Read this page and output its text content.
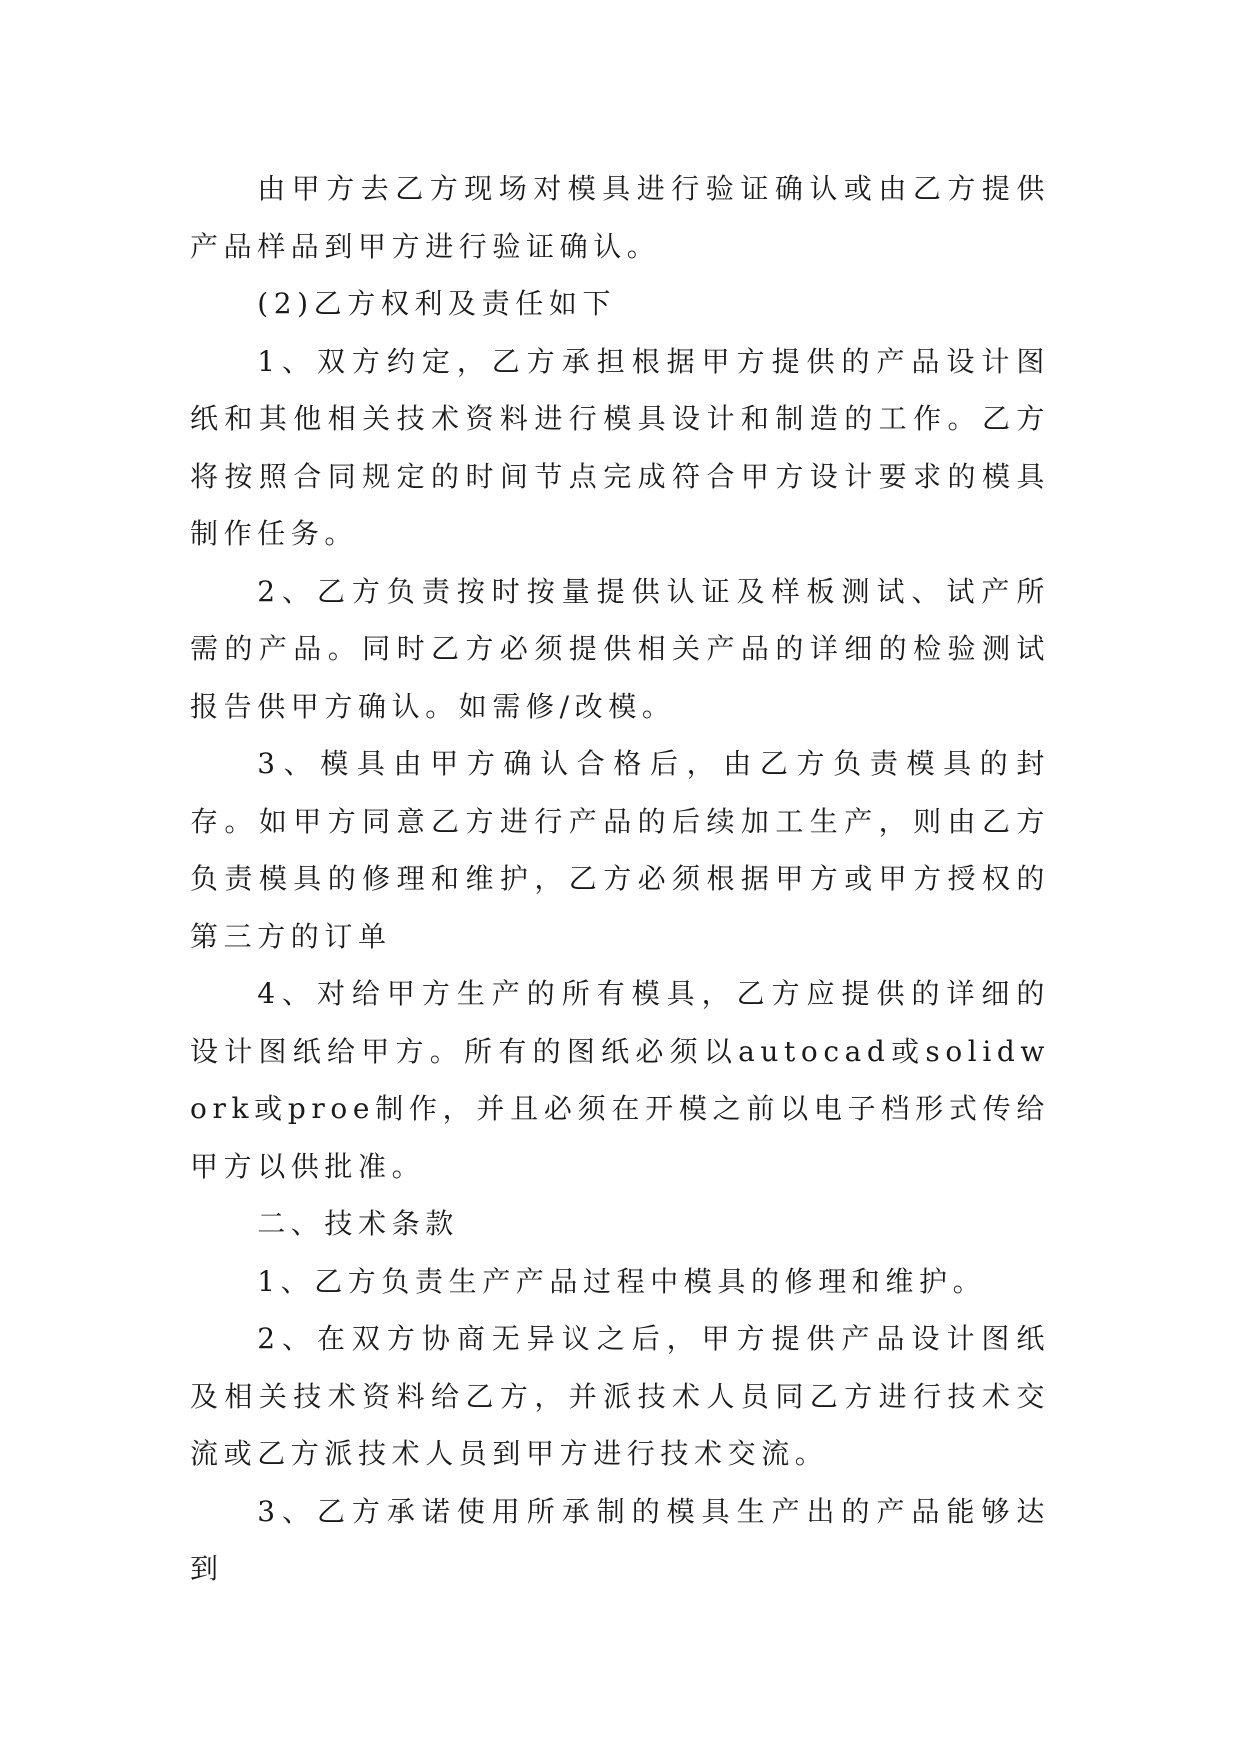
由甲方去乙方现场对模具进行验证确认或由乙方提供产品样品到甲方进行验证确认。

(2)乙方权利及责任如下

1、双方约定，乙方承担根据甲方提供的产品设计图纸和其他相关技术资料进行模具设计和制造的工作。乙方将按照合同规定的时间节点完成符合甲方设计要求的模具制作任务。

2、乙方负责按时按量提供认证及样板测试、试产所需的产品。同时乙方必须提供相关产品的详细的检验测试报告供甲方确认。如需修/改模。

3、模具由甲方确认合格后，由乙方负责模具的封存。如甲方同意乙方进行产品的后续加工生产，则由乙方负责模具的修理和维护，乙方必须根据甲方或甲方授权的第三方的订单

4、对给甲方生产的所有模具，乙方应提供的详细的设计图纸给甲方。所有的图纸必须以autocad或solidwork或proe制作，并且必须在开模之前以电子档形式传给甲方以供批准。

二、技术条款

1、乙方负责生产产品过程中模具的修理和维护。

2、在双方协商无异议之后，甲方提供产品设计图纸及相关技术资料给乙方，并派技术人员同乙方进行技术交流或乙方派技术人员到甲方进行技术交流。

3、乙方承诺使用所承制的模具生产出的产品能够达到
